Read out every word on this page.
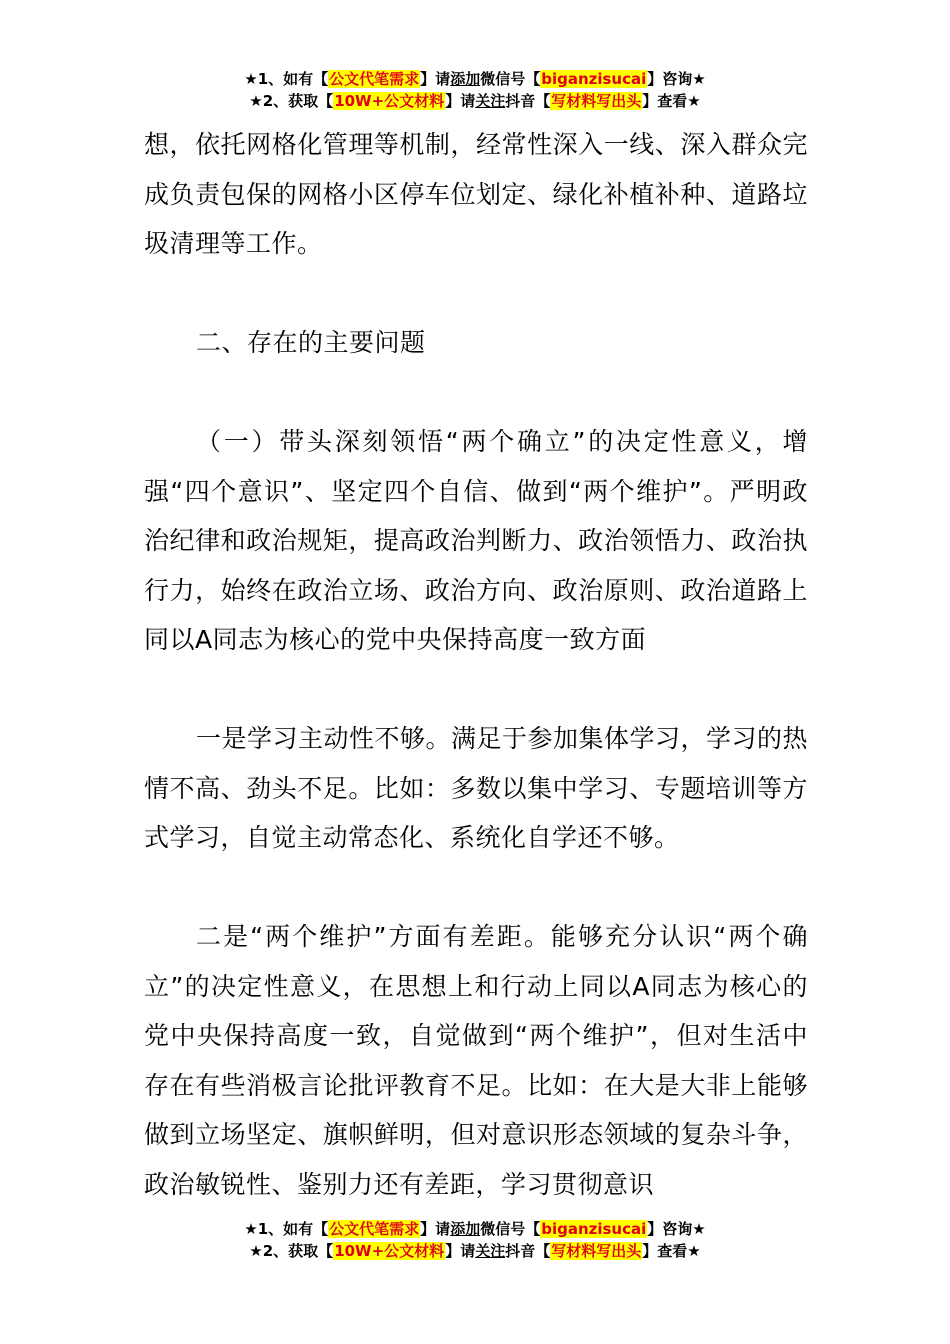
★1、如有【公文代笔需求】请添加微信号【biganzisucai】咨询★
★2、获取【10W+公文材料】请关注抖音【写材料写出头】查看★

想，依托网格化管理等机制，经常性深入一线、深入群众完成负责包保的网格小区停车位划定、绿化补植补种、道路垃圾清理等工作。

二、存在的主要问题

（一）带头深刻领悟“两个确立”的决定性意义，增强“四个意识”、坚定四个自信、做到“两个维护”。严明政治纪律和政治规矩，提高政治判断力、政治领悟力、政治执行力，始终在政治立场、政治方向、政治原则、政治道路上同以A同志为核心的党中央保持高度一致方面

一是学习主动性不够。满足于参加集体学习，学习的热情不高、劲头不足。比如：多数以集中学习、专题培训等方式学习，自觉主动常态化、系统化自学还不够。

二是“两个维护”方面有差距。能够充分认识“两个确立”的决定性意义，在思想上和行动上同以A同志为核心的党中央保持高度一致，自觉做到“两个维护”，但对生活中存在有些消极言论批评教育不足。比如：在大是大非上能够做到立场坚定、旗帜鲜明，但对意识形态领域的复杂斗争，政治敏锐性、鉴别力还有差距，学习贯彻意识

★1、如有【公文代笔需求】请添加微信号【biganzisucai】咨询★
★2、获取【10W+公文材料】请关注抖音【写材料写出头】查看★
